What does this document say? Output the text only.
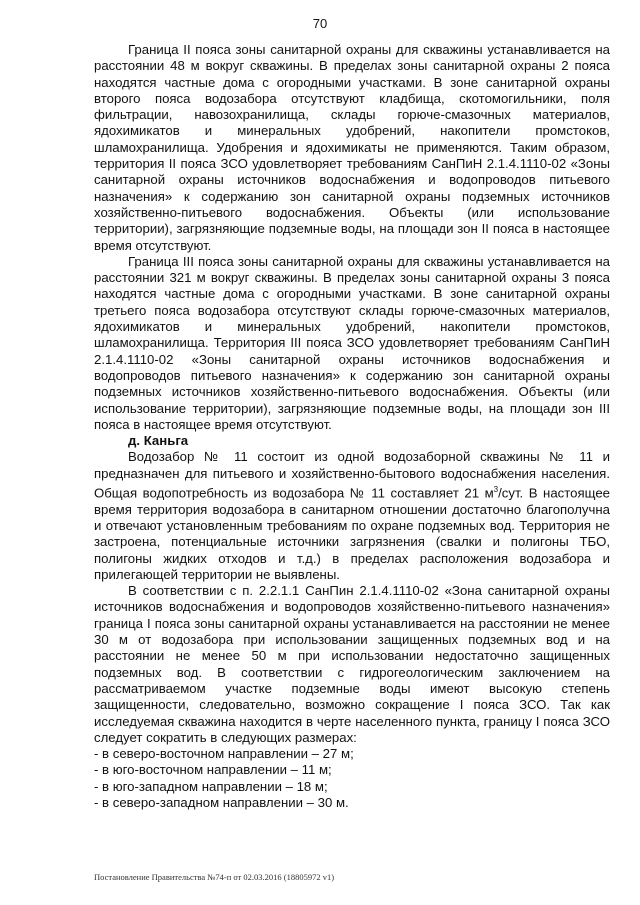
70

Граница II пояса зоны санитарной охраны для скважины устанавливается на расстоянии 48 м вокруг скважины. В пределах зоны санитарной охраны 2 пояса находятся частные дома с огородными участками. В зоне санитарной охраны второго пояса водозабора отсутствуют кладбища, скотомогильники, поля фильтрации, навозохранилища, склады горюче-смазочных материалов, ядохимикатов и минеральных удобрений, накопители промстоков, шламохранилища. Удобрения и ядохимикаты не применяются. Таким образом, территория II пояса ЗСО удовлетворяет требованиям СанПиН 2.1.4.1110-02 «Зоны санитарной охраны источников водоснабжения и водопроводов питьевого назначения» к содержанию зон санитарной охраны подземных источников хозяйственно-питьевого водоснабжения. Объекты (или использование территории), загрязняющие подземные воды, на площади зон II пояса в настоящее время отсутствуют.

Граница III пояса зоны санитарной охраны для скважины устанавливается на расстоянии 321 м вокруг скважины. В пределах зоны санитарной охраны 3 пояса находятся частные дома с огородными участками. В зоне санитарной охраны третьего пояса водозабора отсутствуют склады горюче-смазочных материалов, ядохимикатов и минеральных удобрений, накопители промстоков, шламохранилища. Территория III пояса ЗСО удовлетворяет требованиям СанПиН 2.1.4.1110-02 «Зоны санитарной охраны источников водоснабжения и водопроводов питьевого назначения» к содержанию зон санитарной охраны подземных источников хозяйственно-питьевого водоснабжения. Объекты (или использование территории), загрязняющие подземные воды, на площади зон III пояса в настоящее время отсутствуют.

д. Каньга

Водозабор № 11 состоит из одной водозаборной скважины № 11 и предназначен для питьевого и хозяйственно-бытового водоснабжения населения. Общая водопотребность из водозабора № 11 составляет 21 $м^3$/сут. В настоящее время территория водозабора в санитарном отношении достаточно благополучна и отвечают установленным требованиям по охране подземных вод. Территория не застроена, потенциальные источники загрязнения (свалки и полигоны ТБО, полигоны жидких отходов и т.д.) в пределах расположения водозабора и прилегающей территории не выявлены.

В соответствии с п. 2.2.1.1 СанПин 2.1.4.1110-02 «Зона санитарной охраны источников водоснабжения и водопроводов хозяйственно-питьевого назначения» граница I пояса зоны санитарной охраны устанавливается на расстоянии не менее 30 м от водозабора при использовании защищенных подземных вод и на расстоянии не менее 50 м при использовании недостаточно защищенных подземных вод. В соответствии с гидрогеологическим заключением на рассматриваемом участке подземные воды имеют высокую степень защищенности, следовательно, возможно сокращение I пояса ЗСО. Так как исследуемая скважина находится в черте населенного пункта, границу I пояса ЗСО следует сократить в следующих размерах:

- в северо-восточном направлении – 27 м;
- в юго-восточном направлении – 11 м;
- в юго-западном направлении – 18 м;
- в северо-западном направлении – 30 м.
Постановление Правительства №74-п от 02.03.2016 (18805972 v1)
